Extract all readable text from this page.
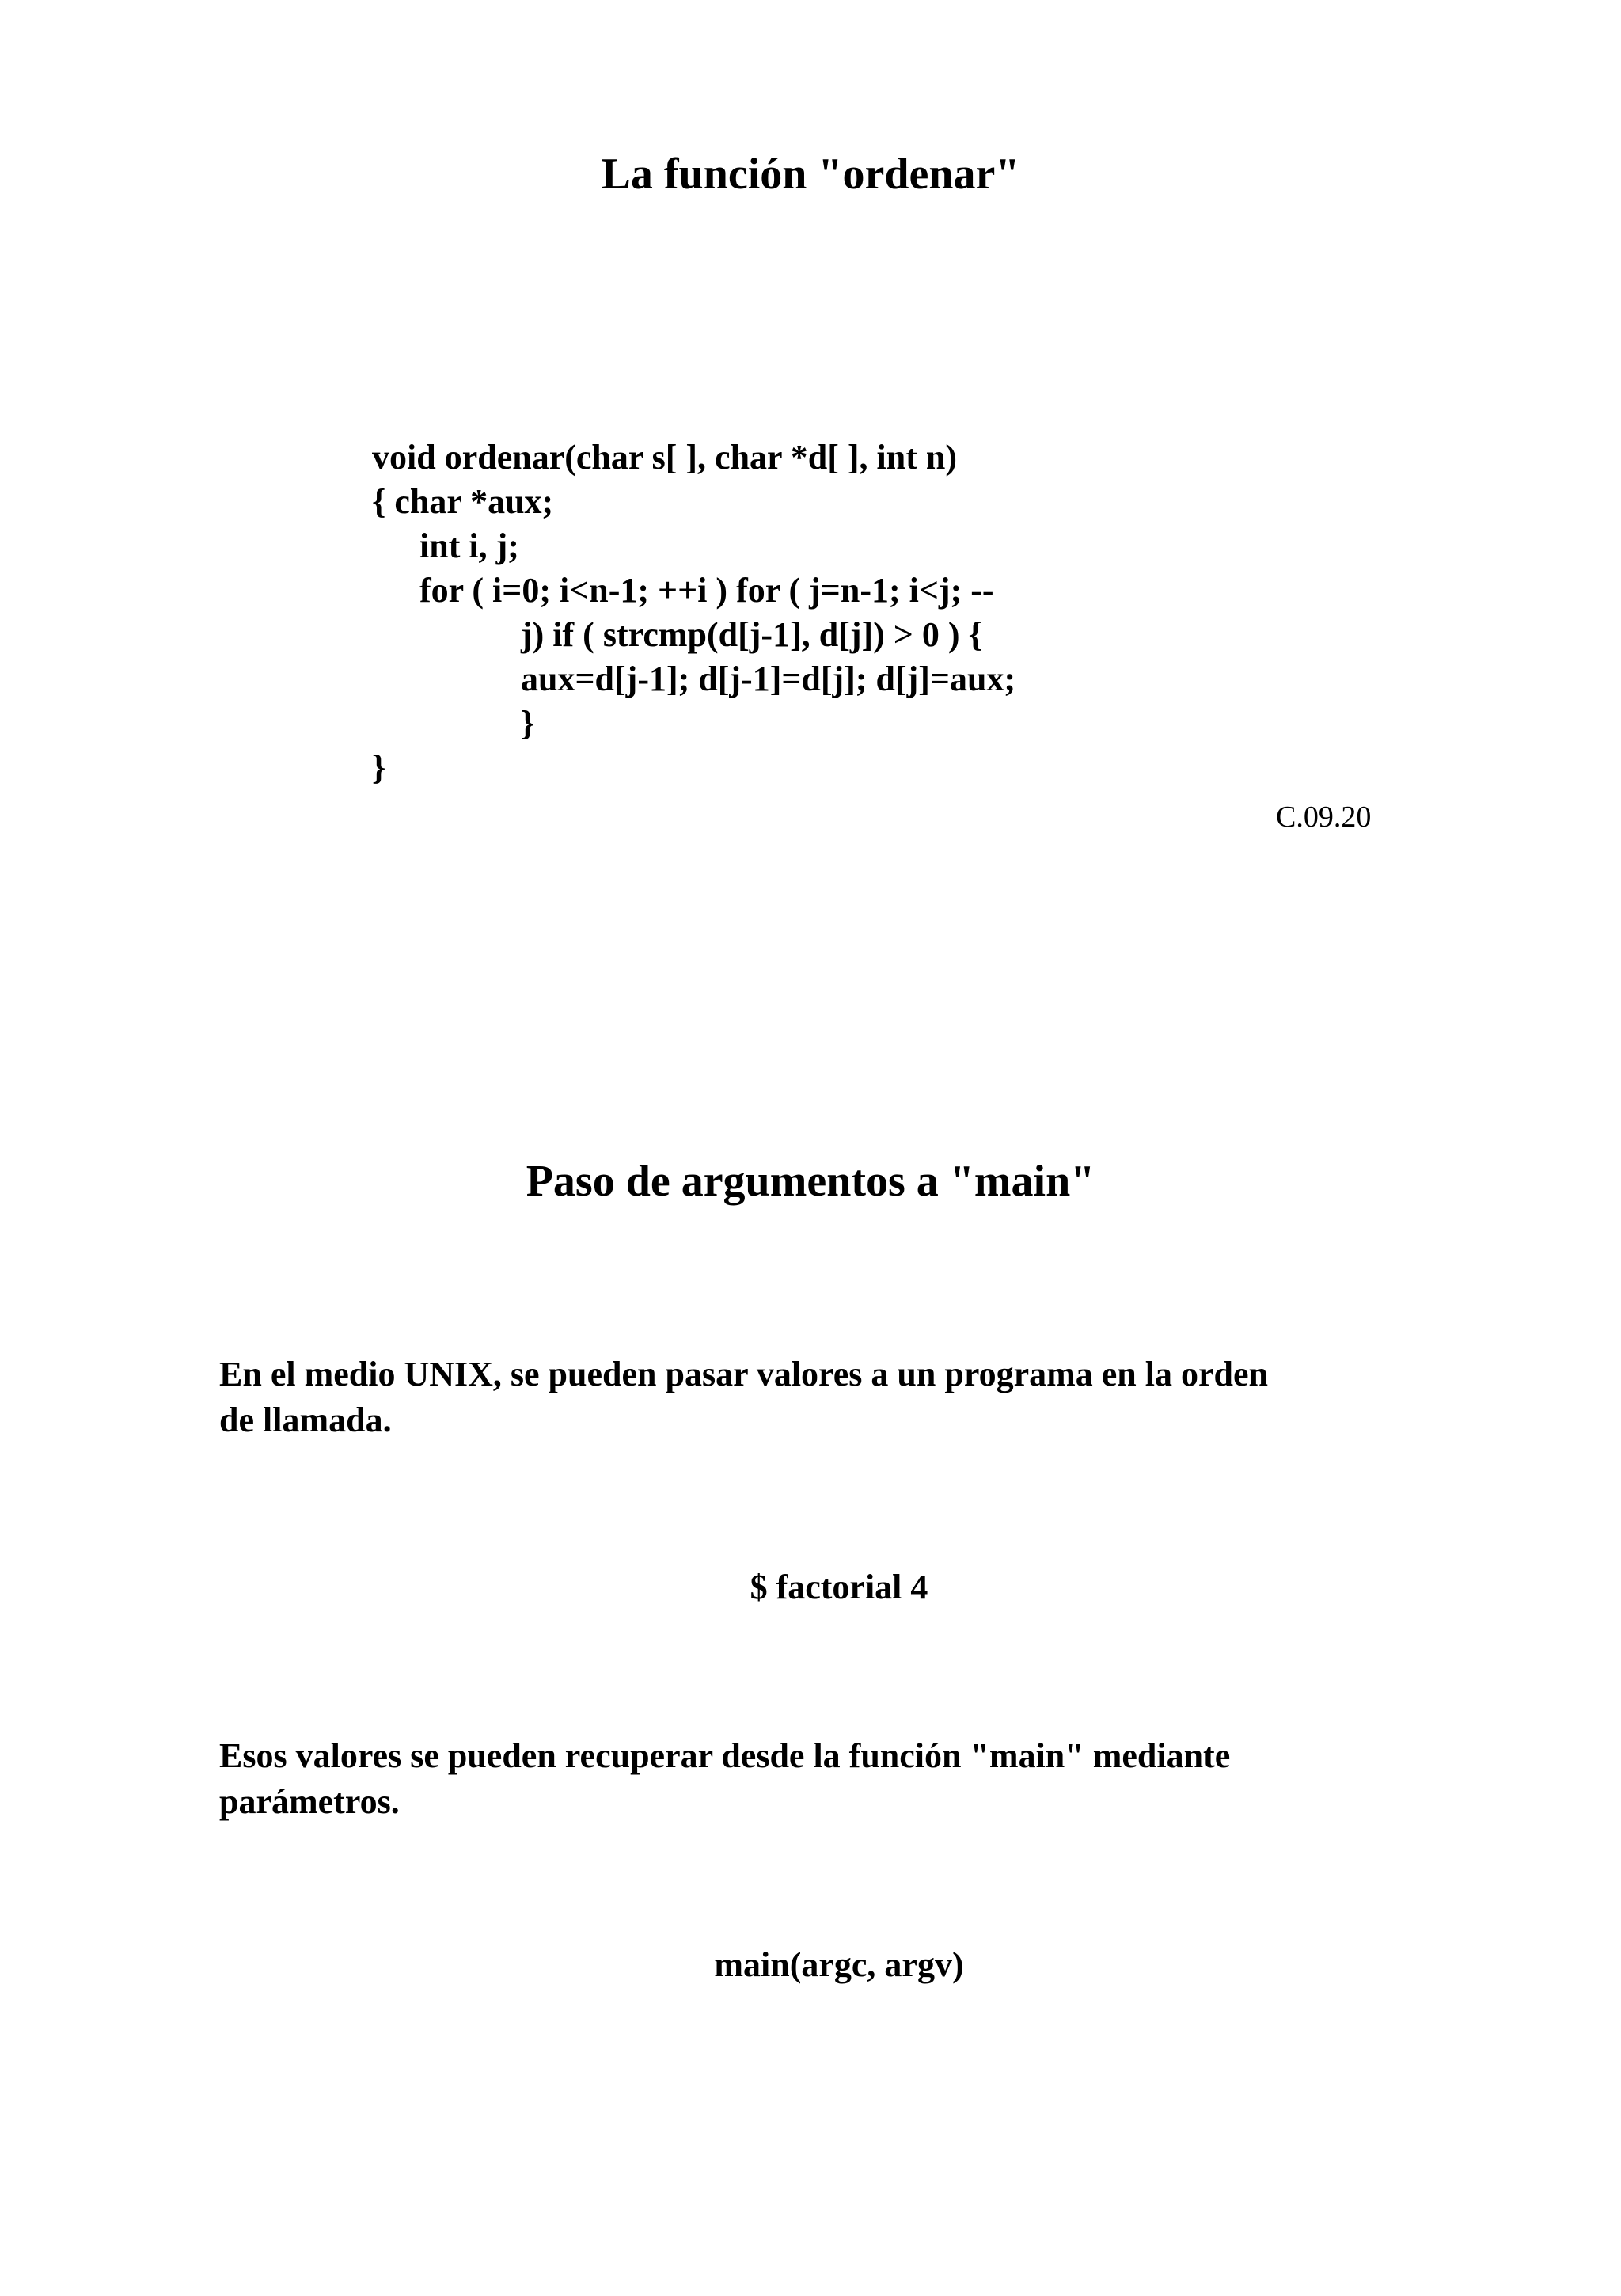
La función "ordenar"
void ordenar(char s[ ], char *d[ ], int n)
{ char *aux;
int i, j;
for ( i=0; i<n-1; ++i ) for ( j=n-1; i<j; --
j) if ( strcmp(d[j-1], d[j]) > 0 ) {
aux=d[j-1]; d[j-1]=d[j]; d[j]=aux;
}
}
C.09.20
Paso de argumentos a "main"
En el medio UNIX, se pueden pasar valores a un programa en la orden
de llamada.
$ factorial 4
Esos valores se pueden recuperar desde la función "main" mediante
parámetros.
main(argc, argv)
